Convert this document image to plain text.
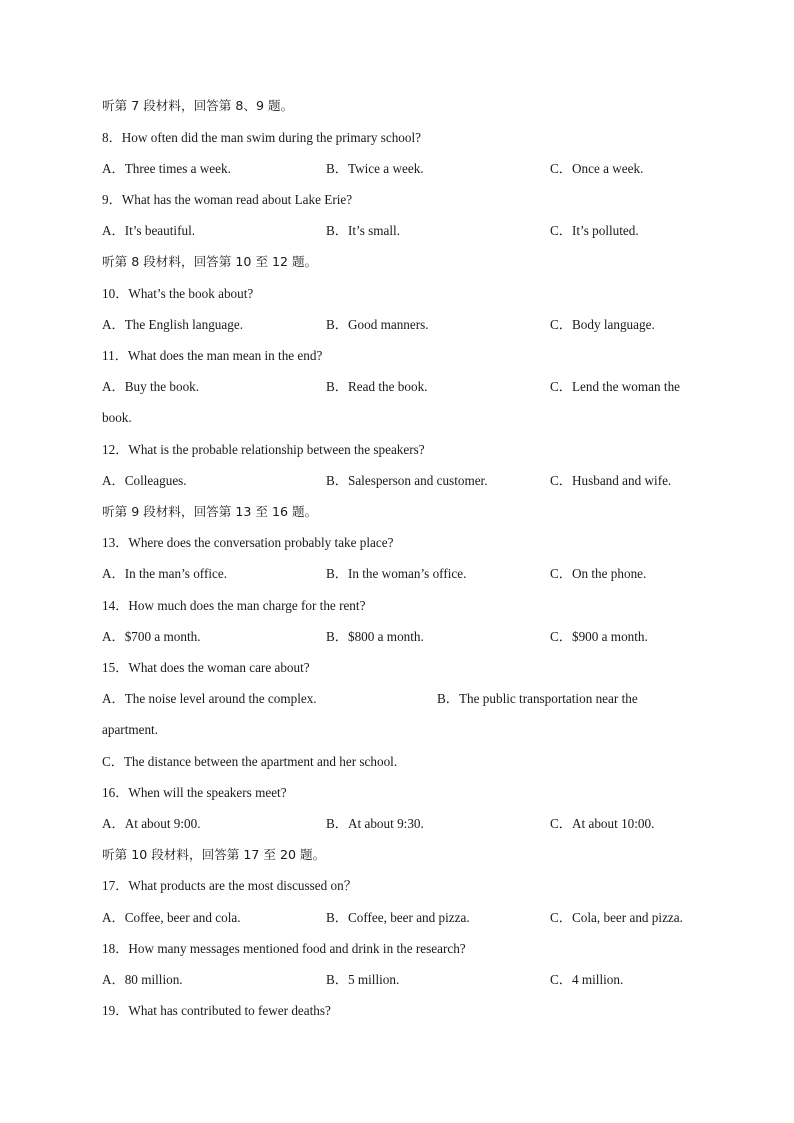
听第 7 段材料，回答第 8、9 题。
8．How often did the man swim during the primary school?
A．Three times a week.	B．Twice a week.	C．Once a week.
9．What has the woman read about Lake Erie?
A．It’s beautiful.	B．It’s small.	C．It’s polluted.
听第 8 段材料，回答第 10 至 12 题。
10．What’s the book about?
A．The English language.	B．Good manners.	C．Body language.
11．What does the man mean in the end?
A．Buy the book.	B．Read the book.	C．Lend the woman the
book.
12．What is the probable relationship between the speakers?
A．Colleagues.	B．Salesperson and customer.	C．Husband and wife.
听第 9 段材料，回答第 13 至 16 题。
13．Where does the conversation probably take place?
A．In the man’s office.	B．In the woman’s office.	C．On the phone.
14．How much does the man charge for the rent?
A．$700 a month.	B．$800 a month.	C．$900 a month.
15．What does the woman care about?
A．The noise level around the complex.	B．The public transportation near the
apartment.
C．The distance between the apartment and her school.
16．When will the speakers meet?
A．At about 9:00.	B．At about 9:30.	C．At about 10:00.
听第 10 段材料，回答第 17 至 20 题。
17．What products are the most discussed on？
A．Coffee, beer and cola.	B．Coffee, beer and pizza.	C．Cola, beer and pizza.
18．How many messages mentioned food and drink in the research?
A．80 million.	B．5 million.	C．4 million.
19．What has contributed to fewer deaths?
